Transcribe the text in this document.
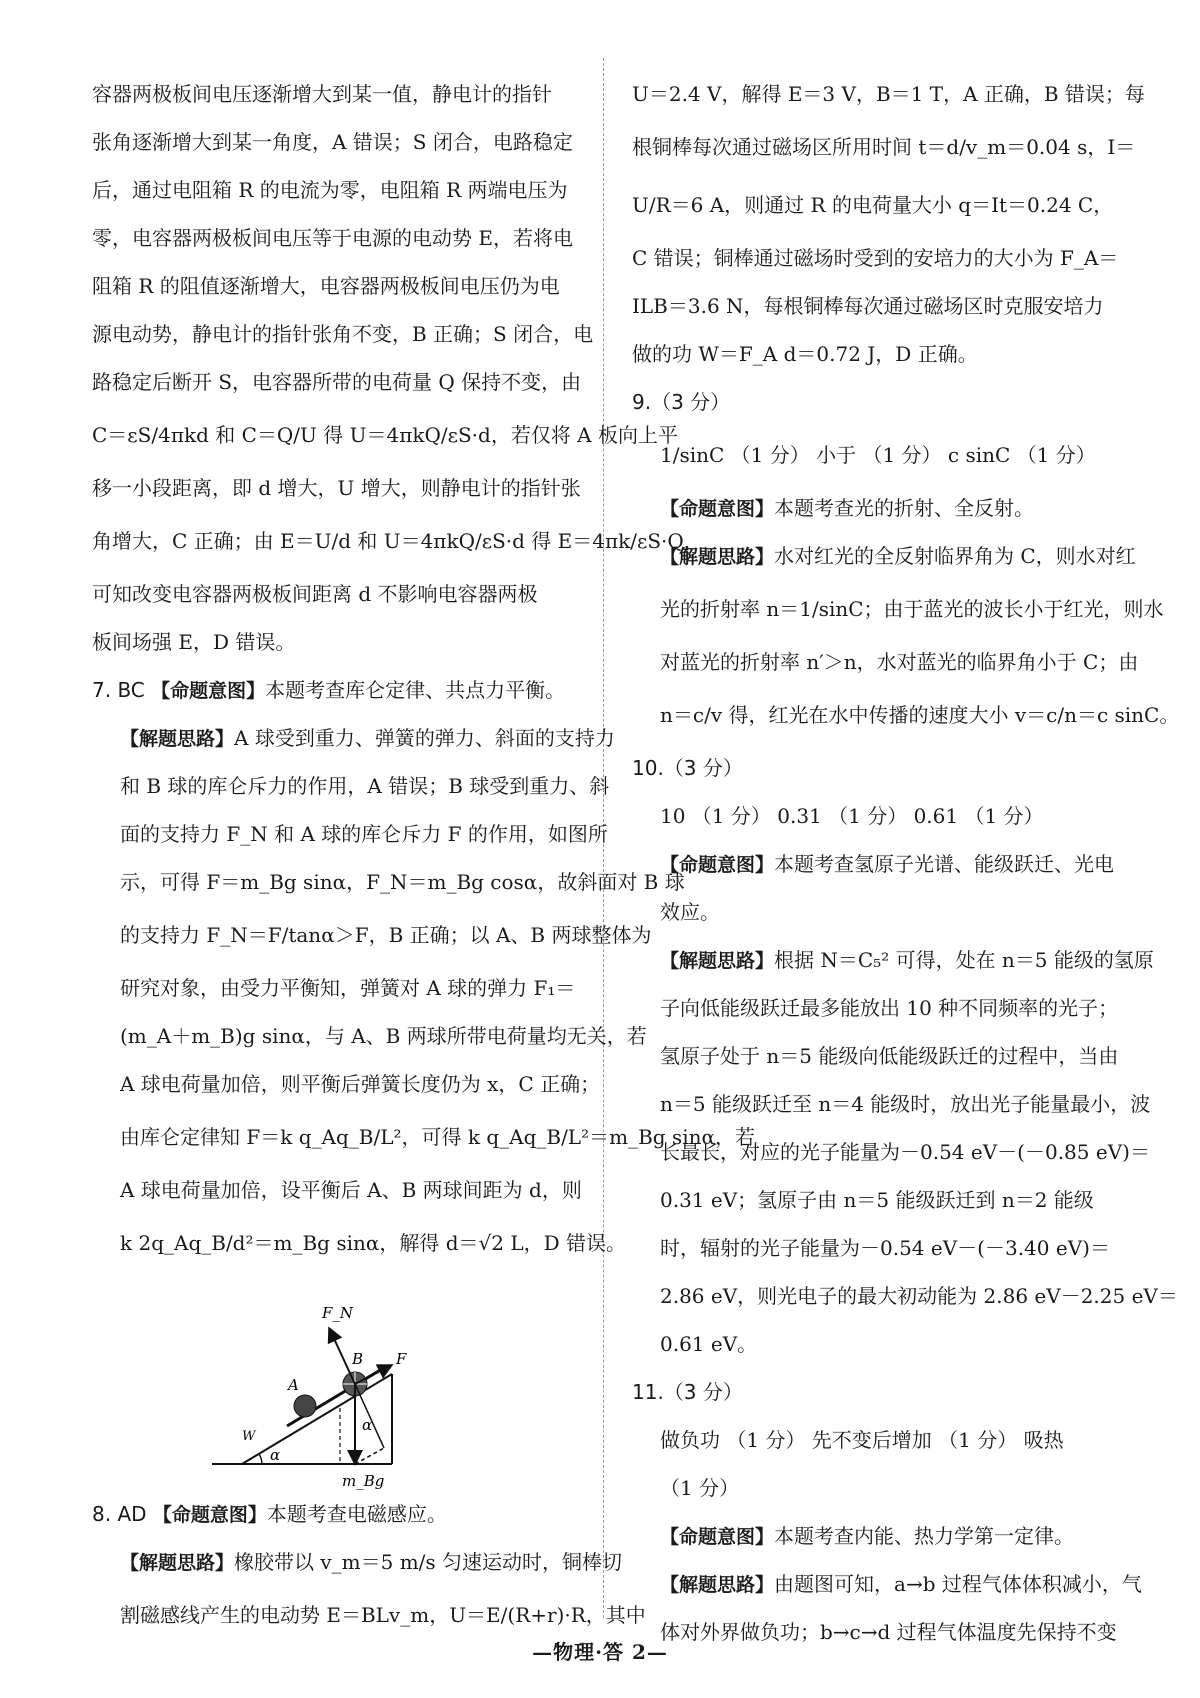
容器两极板间电压逐渐增大到某一值，静电计的指针
张角逐渐增大到某一角度，A 错误；S 闭合，电路稳定
后，通过电阻箱 R 的电流为零，电阻箱 R 两端电压为
零，电容器两极板间电压等于电源的电动势 E，若将电
阻箱 R 的阻值逐渐增大，电容器两极板间电压仍为电
源电动势，静电计的指针张角不变，B 正确；S 闭合，电
路稳定后断开 S，电容器所带的电荷量 Q 保持不变，由
C＝εS/4πkd 和 C＝Q/U 得 U＝4πkQ/εS·d，若仅将 A 板向上平
移一小段距离，即 d 增大，U 增大，则静电计的指针张
角增大，C 正确；由 E＝U/d 和 U＝4πkQ/εS·d 得 E＝4πk/εS·Q，
可知改变电容器两极板间距离 d 不影响电容器两极
板间场强 E，D 错误。
7. BC 【命题意图】本题考查库仑定律、共点力平衡。
【解题思路】A 球受到重力、弹簧的弹力、斜面的支持力
和 B 球的库仑斥力的作用，A 错误；B 球受到重力、斜
面的支持力 F_N 和 A 球的库仑斥力 F 的作用，如图所
示，可得 F＝m_Bg sinα，F_N＝m_Bg cosα，故斜面对 B 球
的支持力 F_N＝F/tanα＞F，B 正确；以 A、B 两球整体为
研究对象，由受力平衡知，弹簧对 A 球的弹力 F₁＝
(m_A＋m_B)g sinα，与 A、B 两球所带电荷量均无关，若
A 球电荷量加倍，则平衡后弹簧长度仍为 x，C 正确；
由库仑定律知 F＝k q_Aq_B/L²，可得 k q_Aq_B/L²＝m_Bg sinα，若
A 球电荷量加倍，设平衡后 A、B 两球间距为 d，则
k 2q_Aq_B/d²＝m_Bg sinα，解得 d＝√2 L，D 错误。
F_N
B F
A
W
α
α
m_Bg
8. AD 【命题意图】本题考查电磁感应。
【解题思路】橡胶带以 v_m＝5 m/s 匀速运动时，铜棒切
割磁感线产生的电动势 E＝BLv_m，U＝E/(R+r)·R，其中
U＝2.4 V，解得 E＝3 V，B＝1 T，A 正确，B 错误；每
根铜棒每次通过磁场区所用时间 t＝d/v_m＝0.04 s，I＝
U/R＝6 A，则通过 R 的电荷量大小 q＝It＝0.24 C，
C 错误；铜棒通过磁场时受到的安培力的大小为 F_A＝
ILB＝3.6 N，每根铜棒每次通过磁场区时克服安培力
做的功 W＝F_A d＝0.72 J，D 正确。
9.（3 分）
1/sinC （1 分） 小于 （1 分） c sinC （1 分）
【命题意图】本题考查光的折射、全反射。
【解题思路】水对红光的全反射临界角为 C，则水对红
光的折射率 n＝1/sinC；由于蓝光的波长小于红光，则水
对蓝光的折射率 n′＞n，水对蓝光的临界角小于 C；由
n＝c/v 得，红光在水中传播的速度大小 v＝c/n＝c sinC。
10.（3 分）
10 （1 分） 0.31 （1 分） 0.61 （1 分）
【命题意图】本题考查氢原子光谱、能级跃迁、光电
效应。
【解题思路】根据 N＝C₅² 可得，处在 n＝5 能级的氢原
子向低能级跃迁最多能放出 10 种不同频率的光子；
氢原子处于 n＝5 能级向低能级跃迁的过程中，当由
n＝5 能级跃迁至 n＝4 能级时，放出光子能量最小，波
长最长，对应的光子能量为－0.54 eV－(－0.85 eV)＝
0.31 eV；氢原子由 n＝5 能级跃迁到 n＝2 能级
时，辐射的光子能量为－0.54 eV－(－3.40 eV)＝
2.86 eV，则光电子的最大初动能为 2.86 eV－2.25 eV＝
0.61 eV。
11.（3 分）
做负功 （1 分） 先不变后增加 （1 分） 吸热
（1 分）
【命题意图】本题考查内能、热力学第一定律。
【解题思路】由题图可知，a→b 过程气体体积减小，气
体对外界做负功；b→c→d 过程气体温度先保持不变
—物理·答 2—
